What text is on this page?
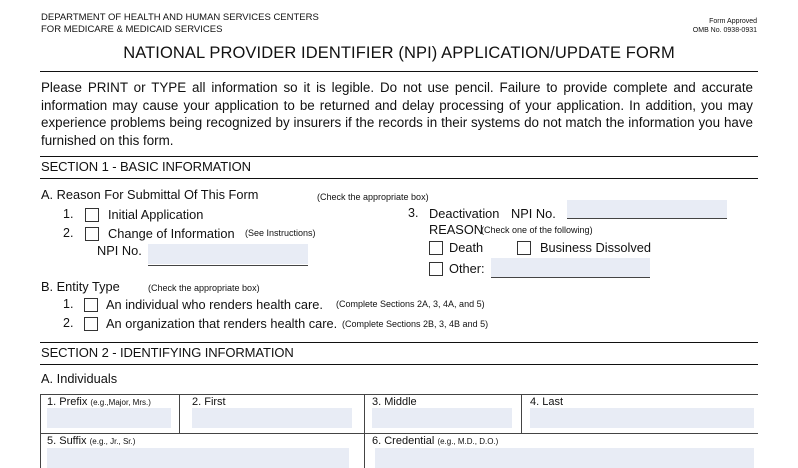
DEPARTMENT OF HEALTH AND HUMAN SERVICES CENTERS
FOR MEDICARE & MEDICAID SERVICES
Form Approved
OMB No. 0938-0931
NATIONAL PROVIDER IDENTIFIER (NPI) APPLICATION/UPDATE FORM
Please PRINT or TYPE all information so it is legible. Do not use pencil. Failure to provide complete and accurate information may cause your application to be returned and delay processing of your application. In addition, you may experience problems being recognized by insurers if the records in their systems do not match the information you have furnished on this form.
SECTION 1 - BASIC INFORMATION
A. Reason For Submittal Of This Form	(Check the appropriate box)
1.	Initial Application
2.	Change of Information (See Instructions)
NPI No.
3. Deactivation NPI No.
REASON
(Check one of the following)
Death	Business Dissolved
Other:
B. Entity Type	(Check the appropriate box)
1.	An individual who renders health care. (Complete Sections 2A, 3, 4A, and 5)
2.	An organization that renders health care. (Complete Sections 2B, 3, 4B and 5)
SECTION 2 - IDENTIFYING INFORMATION
A. Individuals
1. Prefix (e.g.,Major, Mrs.)	2. First	3. Middle	4. Last
5. Suffix (e.g., Jr., Sr.)	6. Credential (e.g., M.D., D.O.)
